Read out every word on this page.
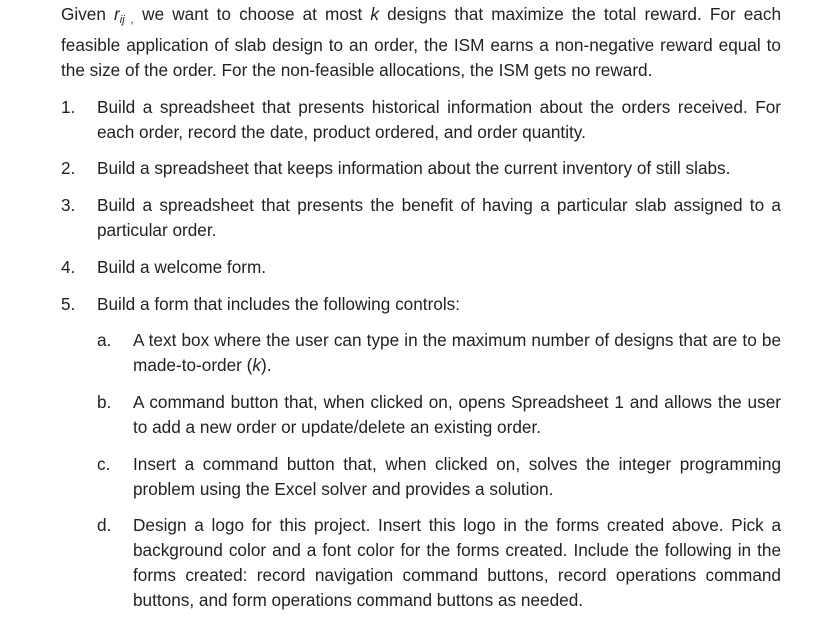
Given $r_{ij ,}$ we want to choose at most k designs that maximize the total reward. For each feasible application of slab design to an order, the ISM earns a non-negative reward equal to the size of the order. For the non-feasible allocations, the ISM gets no reward.

1. Build a spreadsheet that presents historical information about the orders received. For each order, record the date, product ordered, and order quantity.
2. Build a spreadsheet that keeps information about the current inventory of still slabs.
3. Build a spreadsheet that presents the benefit of having a particular slab assigned to a particular order.
4. Build a welcome form.
5. Build a form that includes the following controls:
a. A text box where the user can type in the maximum number of designs that are to be made-to-order (k).
b. A command button that, when clicked on, opens Spreadsheet 1 and allows the user to add a new order or update/delete an existing order.
c. Insert a command button that, when clicked on, solves the integer programming problem using the Excel solver and provides a solution.
d. Design a logo for this project. Insert this logo in the forms created above. Pick a background color and a font color for the forms created. Include the following in the forms created: record navigation command buttons, record operations command buttons, and form operations command buttons as needed.
